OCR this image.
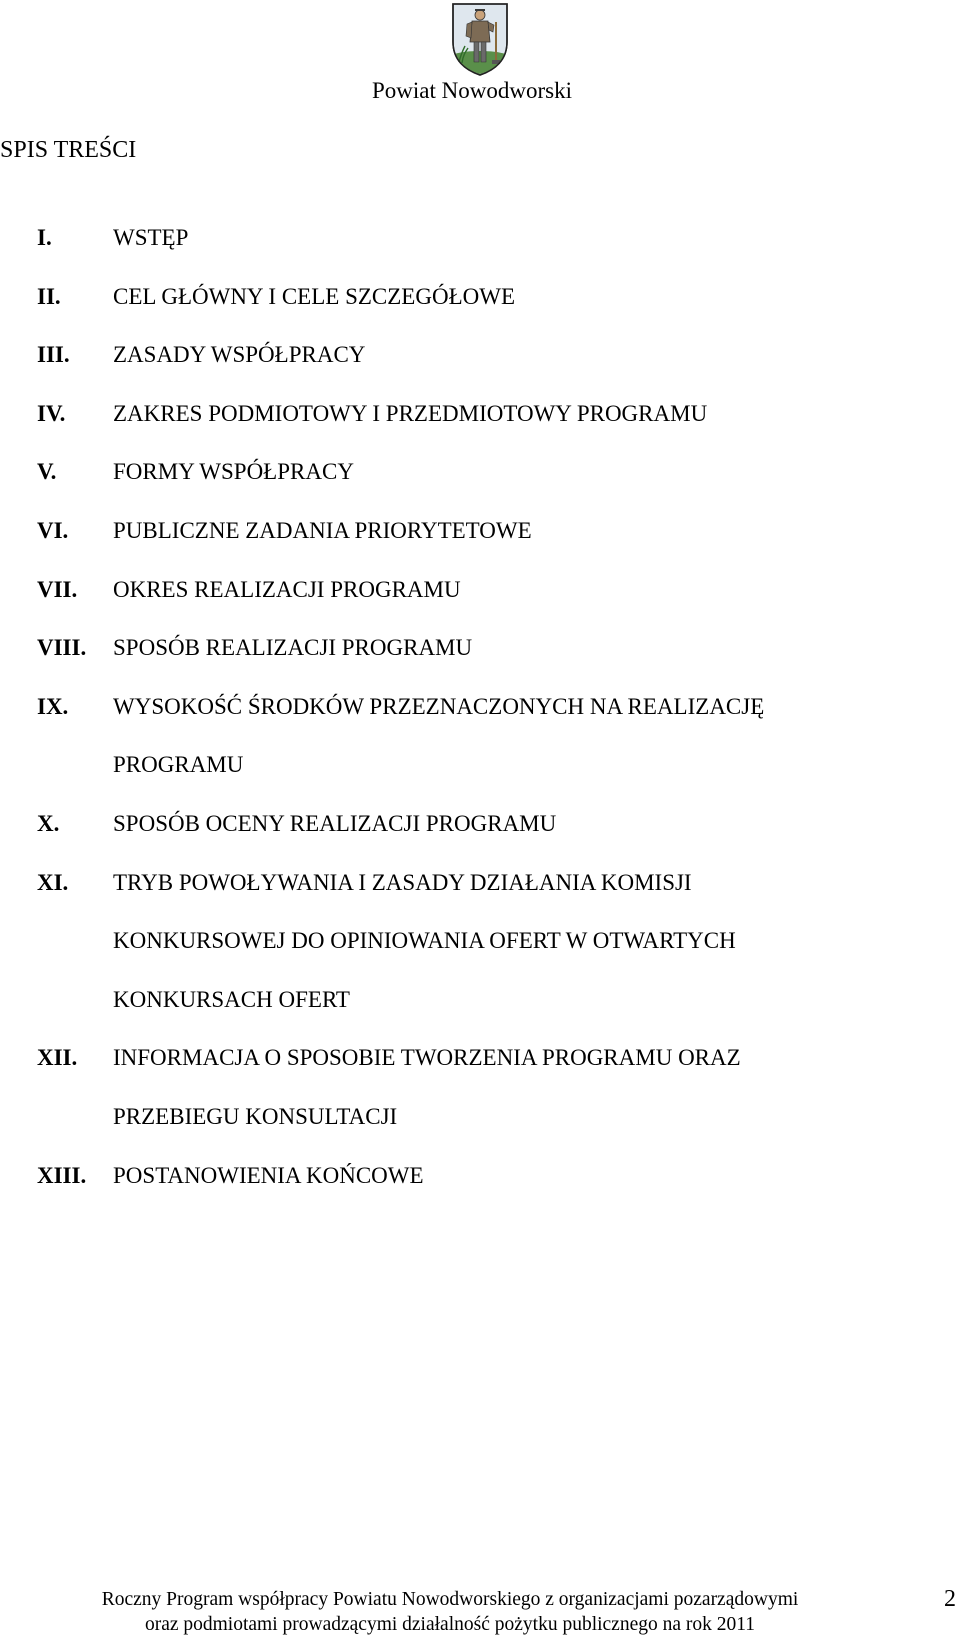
Powiat Nowodworski
SPIS TREŚCI
I.	WSTĘP
II.	CEL GŁÓWNY I CELE SZCZEGÓŁOWE
III.	ZASADY WSPÓŁPRACY
IV.	ZAKRES PODMIOTOWY I PRZEDMIOTOWY PROGRAMU
V.	FORMY WSPÓŁPRACY
VI.	PUBLICZNE ZADANIA PRIORYTETOWE
VII.	OKRES REALIZACJI PROGRAMU
VIII.	SPOSÓB REALIZACJI PROGRAMU
IX.	WYSOKOŚĆ ŚRODKÓW PRZEZNACZONYCH NA REALIZACJĘ
PROGRAMU
X.	SPOSÓB OCENY REALIZACJI PROGRAMU
XI.	TRYB POWOŁYWANIA I ZASADY DZIAŁANIA KOMISJI
KONKURSOWEJ DO OPINIOWANIA OFERT W OTWARTYCH
KONKURSACH OFERT
XII.	INFORMACJA O SPOSOBIE TWORZENIA PROGRAMU ORAZ
PRZEBIEGU KONSULTACJI
XIII.	POSTANOWIENIA KOŃCOWE
Roczny Program współpracy Powiatu Nowodworskiego z organizacjami pozarządowymi
oraz podmiotami prowadzącymi działalność pożytku publicznego na rok 2011
2
